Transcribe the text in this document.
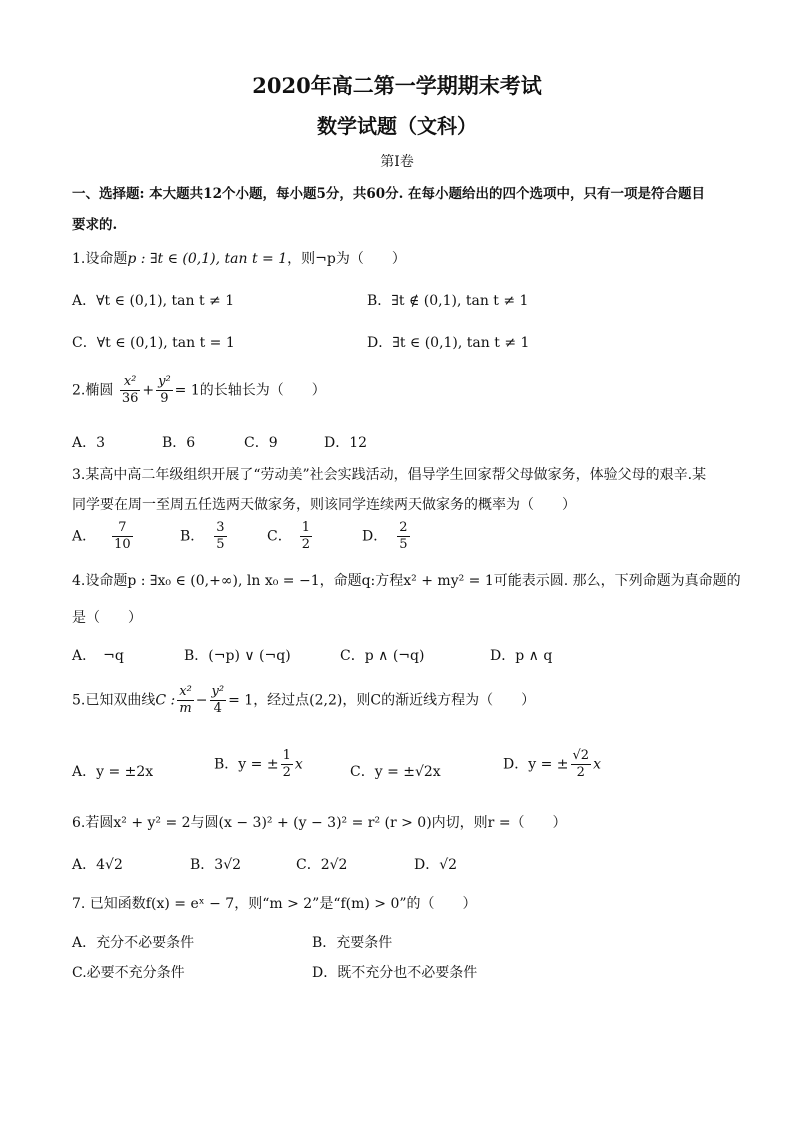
2020年高二第一学期期末考试
数学试题（文科）
第Ⅰ卷
一、选择题: 本大题共12个小题，每小题5分，共60分. 在每小题给出的四个选项中，只有一项是符合题目
要求的.
1.设命题p : ∃t ∈ (0,1), tan t = 1，则¬p为（　　）
A．∀t ∈ (0,1), tan t ≠ 1	B．∃t ∉ (0,1), tan t ≠ 1
C．∀t ∈ (0,1), tan t = 1	D．∃t ∈ (0,1), tan t ≠ 1
2.椭圆 $\frac{\text{x²}}{36} + \frac{\text{y²}}{9} = 1$的长轴长为（　　）
A．3	B．6	C．9	D．12
3.某高中高二年级组织开展了“劳动美”社会实践活动，倡导学生回家帮父母做家务，体验父母的艰辛.某
同学要在周一至周五任选两天做家务，则该同学连续两天做家务的概率为（　　）
A． $\frac{7}{10}$	B． $\frac{3}{5}$	C． $\frac{1}{2}$	D． $\frac{2}{5}$
4.设命题p : ∃x₀ ∈ (0,+∞), ln x₀ = −1，命题q:方程x² + my² = 1可能表示圆. 那么，下列命题为真命题的
是（　　）
A．　¬q	B．(¬p) ∨ (¬q)	C．p ∧ (¬q)	D．p ∧ q
5.已知双曲线C : $\frac{\text{x²}}{m} - \frac{\text{y²}}{4} = 1$，经过点(2,2)，则C的渐近线方程为（　　）
A．y = ±2x	B．y = ± $\frac{1}{2}$ x	C．y = ±√2x	D．y = ± $\frac{√2}{2}$ x
6.若圆x² + y² = 2与圆(x − 3)² + (y − 3)² = r² (r > 0)内切，则r =（　　）
A．4√2	B．3√2	C．2√2	D．√2
7. 已知函数f(x) = eˣ − 7，则“m > 2”是“f(m) > 0”的（　　）
A．充分不必要条件	B．充要条件
C.必要不充分条件	D．既不充分也不必要条件
